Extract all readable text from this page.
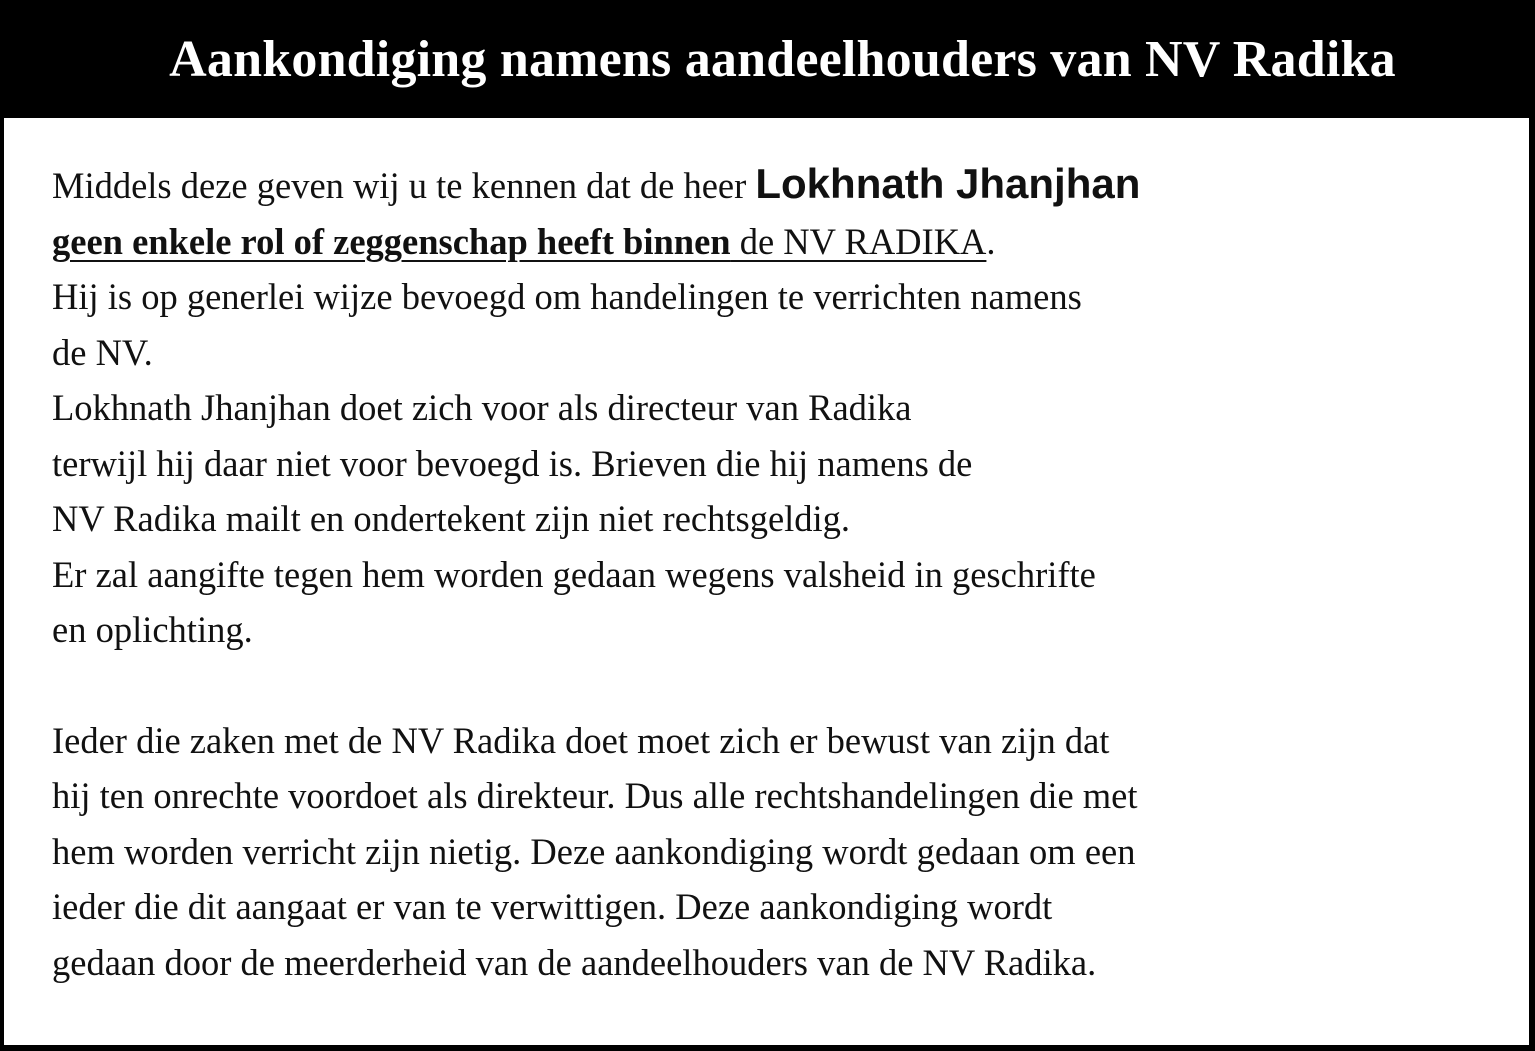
Aankondiging namens aandeelhouders van NV Radika
Middels deze geven wij u te kennen dat de heer Lokhnath Jhanjhan
geen enkele rol of zeggenschap heeft binnen de NV RADIKA.
Hij is op generlei wijze bevoegd om handelingen te verrichten namens
de NV.
Lokhnath Jhanjhan doet zich voor als directeur van Radika
terwijl hij daar niet voor bevoegd is. Brieven die hij namens de
NV Radika mailt en ondertekent zijn niet rechtsgeldig.
Er zal aangifte tegen hem worden gedaan wegens valsheid in geschrifte
en oplichting.
Ieder die zaken met de NV Radika doet moet zich er bewust van zijn dat
hij ten onrechte voordoet als direkteur. Dus alle rechtshandelingen die met
hem worden verricht zijn nietig. Deze aankondiging wordt gedaan om een
ieder die dit aangaat er van te verwittigen. Deze aankondiging wordt
gedaan door de meerderheid van de aandeelhouders van de NV Radika.
